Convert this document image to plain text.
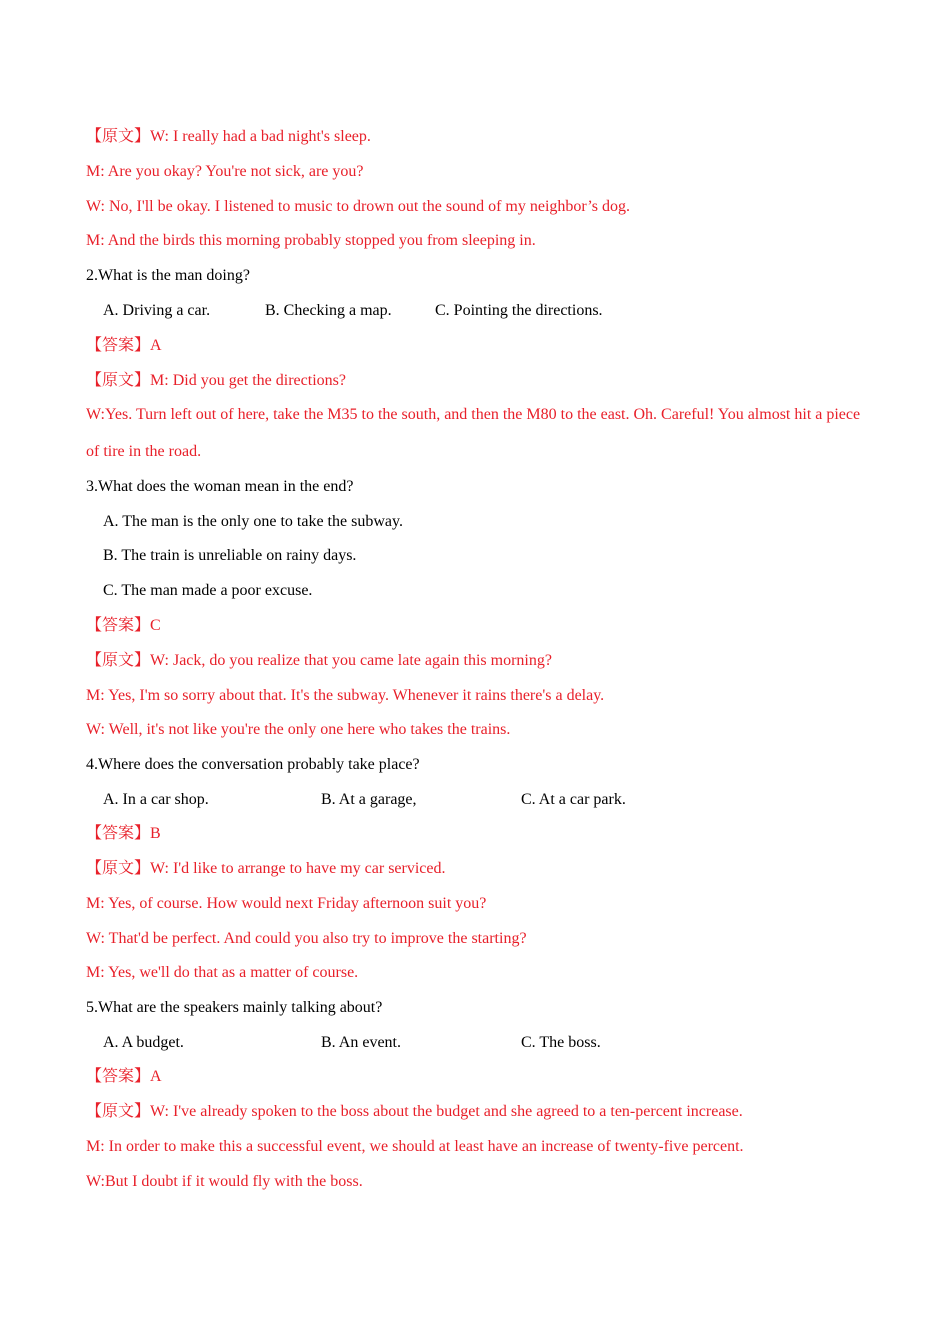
【原文】W: I really had a bad night's sleep.
M: Are you okay? You're not sick, are you?
W: No, I'll be okay. I listened to music to drown out the sound of my neighbor’s dog.
M: And the birds this morning probably stopped you from sleeping in.
2.What is the man doing?
A. Driving a car.	B. Checking a map.	C. Pointing the directions.
【答案】A
【原文】M: Did you get the directions?
W:Yes. Turn left out of here, take the M35 to the south, and then the M80 to the east. Oh. Careful! You almost hit a piece of tire in the road.
3.What does the woman mean in the end?
A. The man is the only one to take the subway.
B. The train is unreliable on rainy days.
C. The man made a poor excuse.
【答案】C
【原文】W: Jack, do you realize that you came late again this morning?
M: Yes, I'm so sorry about that. It's the subway. Whenever it rains there's a delay.
W: Well, it's not like you're the only one here who takes the trains.
4.Where does the conversation probably take place?
A. In a car shop.	B. At a garage,	C. At a car park.
【答案】B
【原文】W: I'd like to arrange to have my car serviced.
M: Yes, of course. How would next Friday afternoon suit you?
W: That'd be perfect. And could you also try to improve the starting?
M: Yes, we'll do that as a matter of course.
5.What are the speakers mainly talking about?
A. A budget.	B. An event.	C. The boss.
【答案】A
【原文】W: I've already spoken to the boss about the budget and she agreed to a ten-percent increase.
M: In order to make this a successful event, we should at least have an increase of twenty-five percent.
W:But I doubt if it would fly with the boss.
